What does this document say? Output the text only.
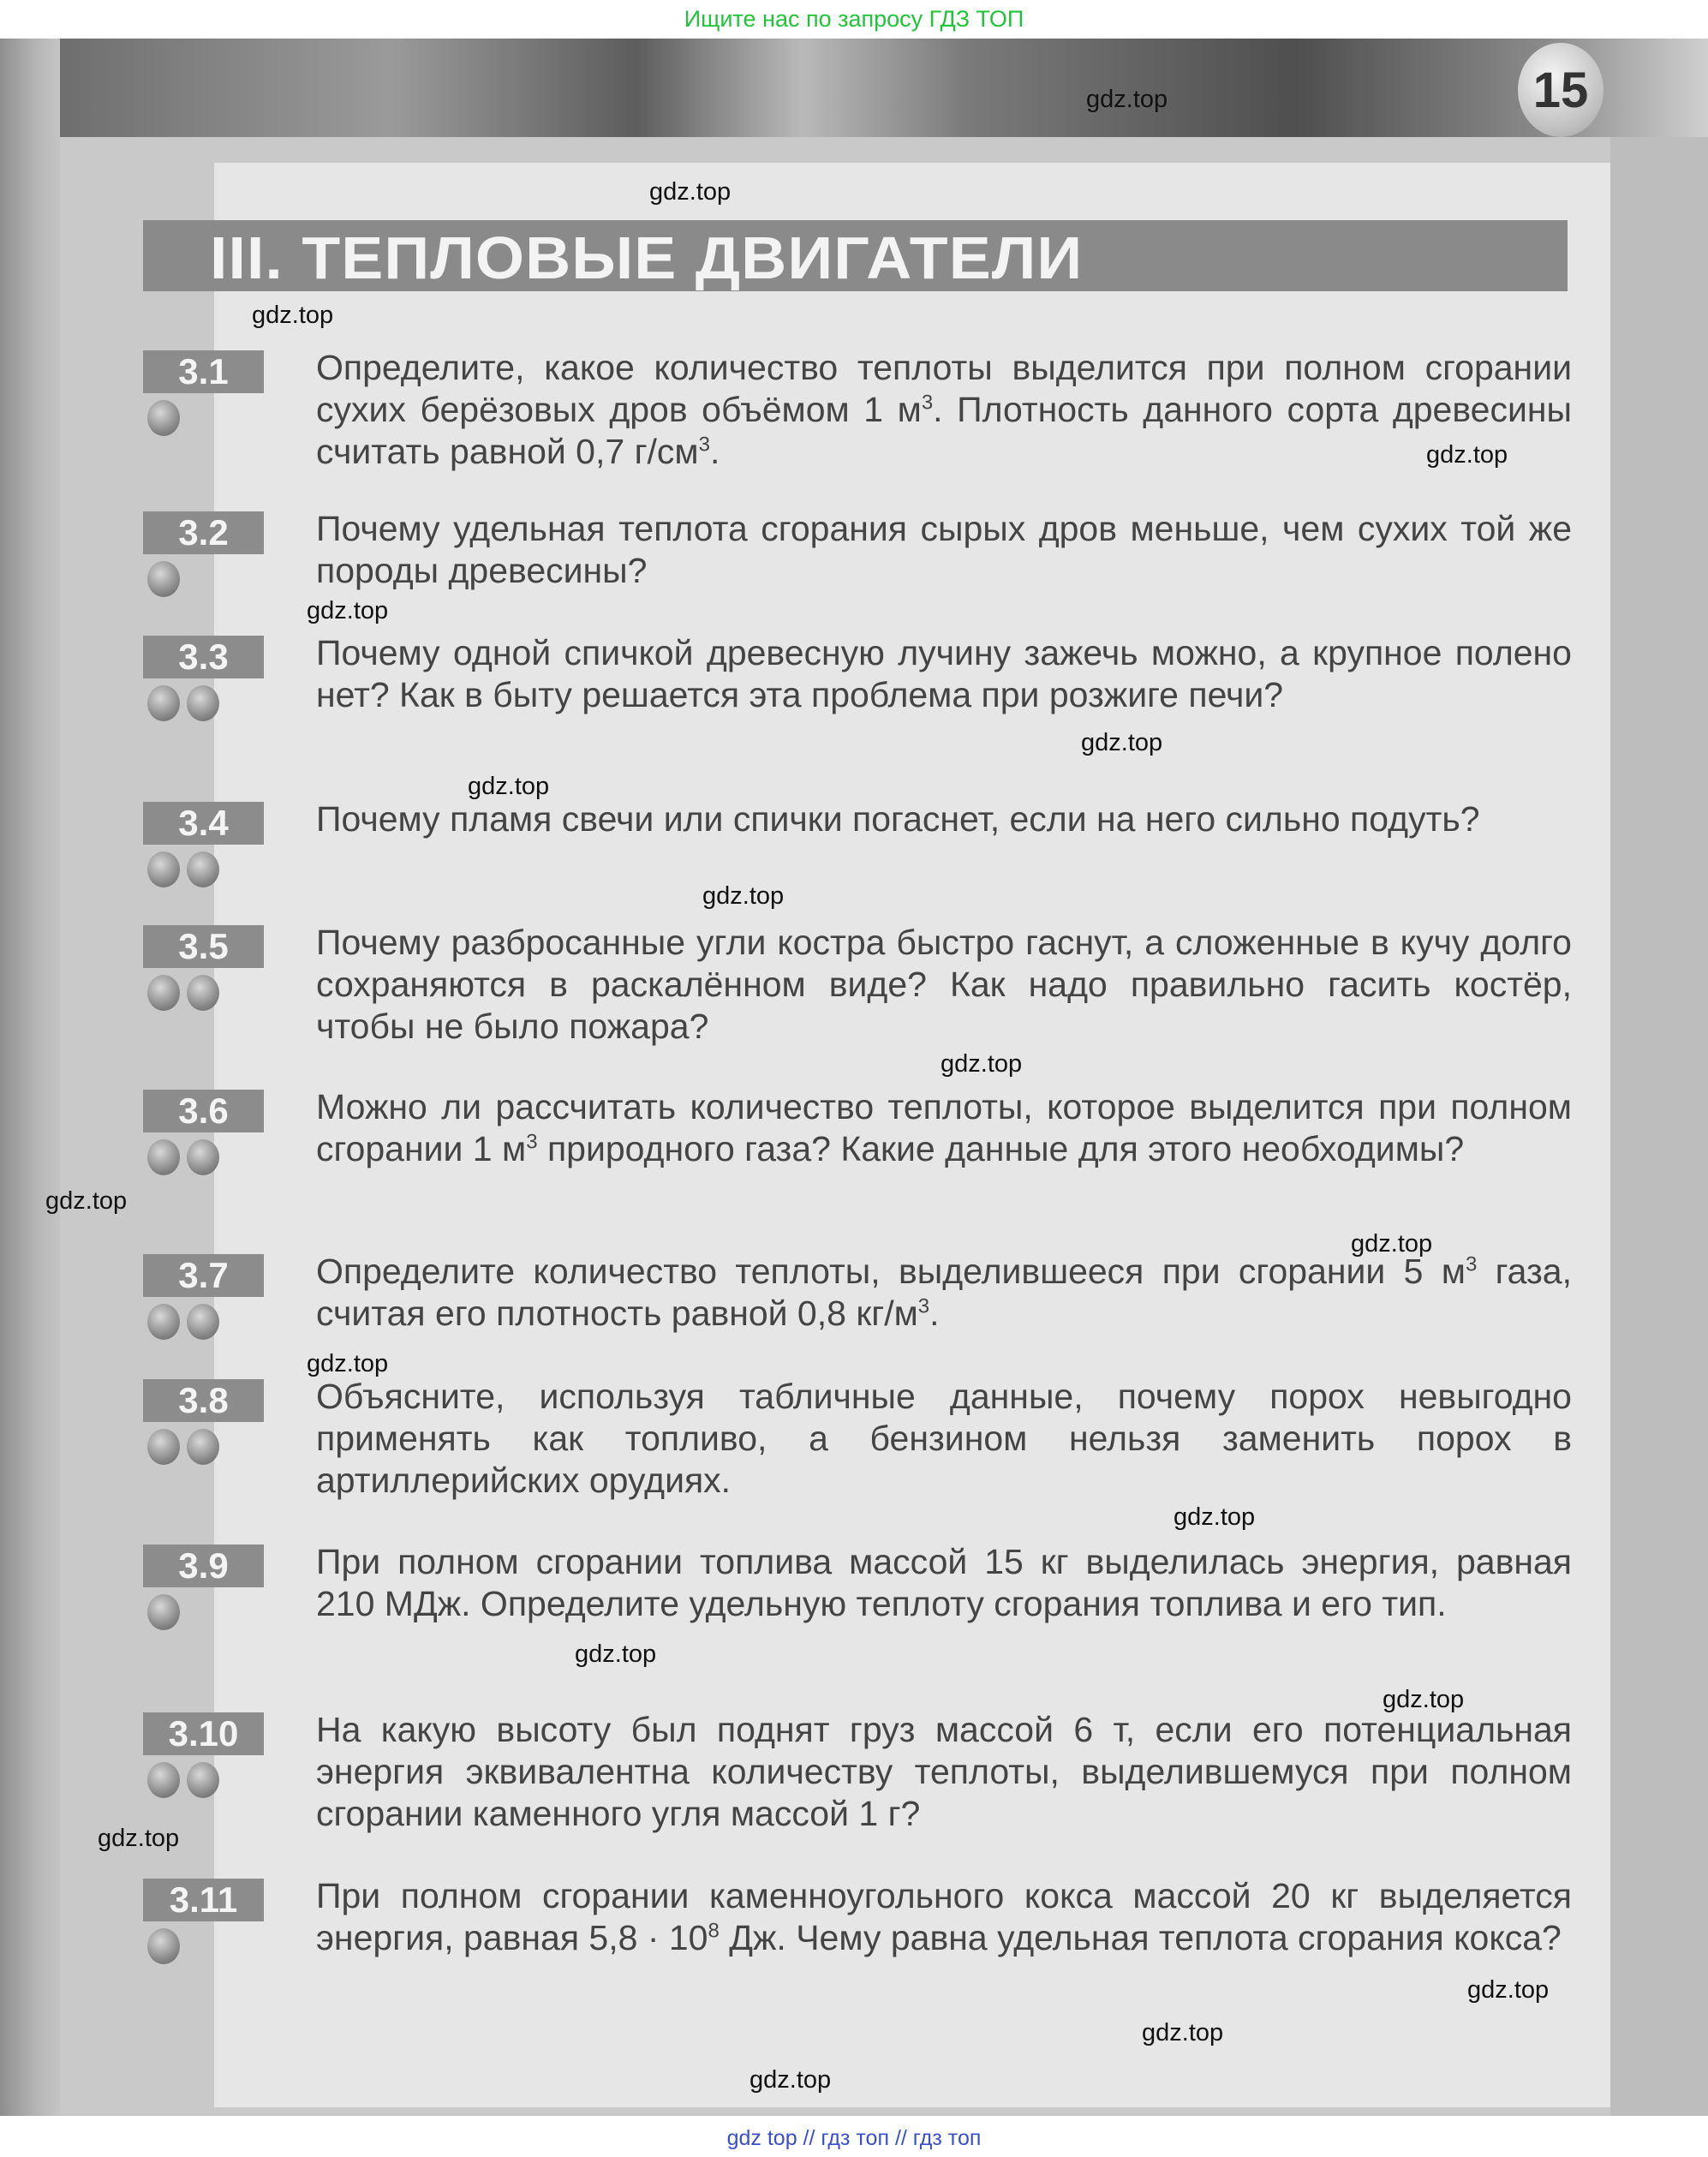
Ищите нас по запросу ГДЗ ТОП
15
III. ТЕПЛОВЫЕ ДВИГАТЕЛИ
3.1	Определите, какое количество теплоты выделится при полном сгорании сухих берёзовых дров объёмом 1 $м^3$. Плотность данного сорта древесины считать равной 0,7 $г/см^3$.
3.2	Почему удельная теплота сгорания сырых дров меньше, чем сухих той же породы древесины?
3.3	Почему одной спичкой древесную лучину зажечь можно, а крупное полено нет? Как в быту решается эта проблема при розжиге печи?
3.4	Почему пламя свечи или спички погаснет, если на него сильно подуть?
3.5	Почему разбросанные угли костра быстро гаснут, а сложенные в кучу долго сохраняются в раскалённом виде? Как надо правильно гасить костёр, чтобы не было пожара?
3.6	Можно ли рассчитать количество теплоты, которое выделится при полном сгорании 1 $м^3$ природного газа? Какие данные для этого необходимы?
3.7	Определите количество теплоты, выделившееся при сгорании 5 $м^3$ газа, считая его плотность равной 0,8 $кг/м^3$.
3.8	Объясните, используя табличные данные, почему порох невыгодно применять как топливо, а бензином нельзя заменить порох в артиллерийских орудиях.
3.9	При полном сгорании топлива массой 15 кг выделилась энергия, равная 210 МДж. Определите удельную теплоту сгорания топлива и его тип.
3.10	На какую высоту был поднят груз массой 6 т, если его потенциальная энергия эквивалентна количеству теплоты, выделившемуся при полном сгорании каменного угля массой 1 г?
3.11	При полном сгорании каменноугольного кокса массой 20 кг выделяется энергия, равная $5,8 \cdot 10^8$ Дж. Чему равна удельная теплота сгорания кокса?
gdz.top
gdz.top
gdz.top
gdz.top
gdz.top
gdz.top
gdz.top
gdz.top
gdz.top
gdz.top
gdz.top
gdz.top
gdz.top
gdz.top
gdz.top
gdz.top
gdz.top
gdz.top
gdz.top
gdz top // гдз топ // гдз топ
